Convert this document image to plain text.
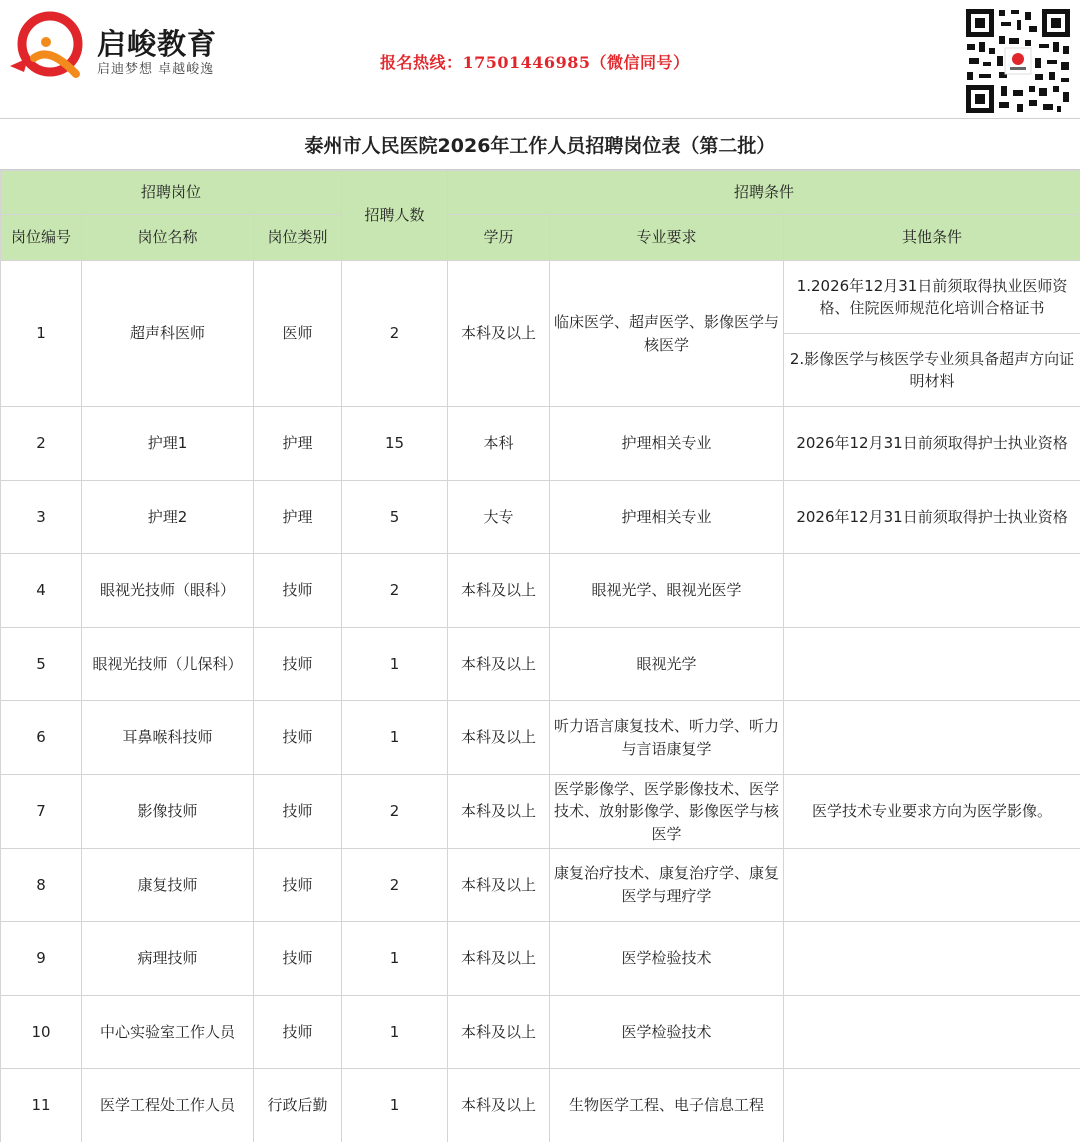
启峻教育
启迪梦想 卓越峻逸	报名热线：17501446985（微信同号）
泰州市人民医院2026年工作人员招聘岗位表（第二批）
招聘岗位			招聘人数	招聘条件		
岗位编号	岗位名称	岗位类别		学历	专业要求	其他条件
1	超声科医师	医师	2	本科及以上	临床医学、超声医学、影像医学与核医学	1.2026年12月31日前须取得执业医师资格、住院医师规范化培训合格证书
						2.影像医学与核医学专业须具备超声方向证明材料
2	护理1	护理	15	本科	护理相关专业	2026年12月31日前须取得护士执业资格
3	护理2	护理	5	大专	护理相关专业	2026年12月31日前须取得护士执业资格
4	眼视光技师（眼科）	技师	2	本科及以上	眼视光学、眼视光医学	
5	眼视光技师（儿保科）	技师	1	本科及以上	眼视光学	
6	耳鼻喉科技师	技师	1	本科及以上	听力语言康复技术、听力学、听力与言语康复学	
7	影像技师	技师	2	本科及以上	医学影像学、医学影像技术、医学技术、放射影像学、影像医学与核医学	医学技术专业要求方向为医学影像。
8	康复技师	技师	2	本科及以上	康复治疗技术、康复治疗学、康复医学与理疗学	
9	病理技师	技师	1	本科及以上	医学检验技术	
10	中心实验室工作人员	技师	1	本科及以上	医学检验技术	
11	医学工程处工作人员	行政后勤	1	本科及以上	生物医学工程、电子信息工程	
